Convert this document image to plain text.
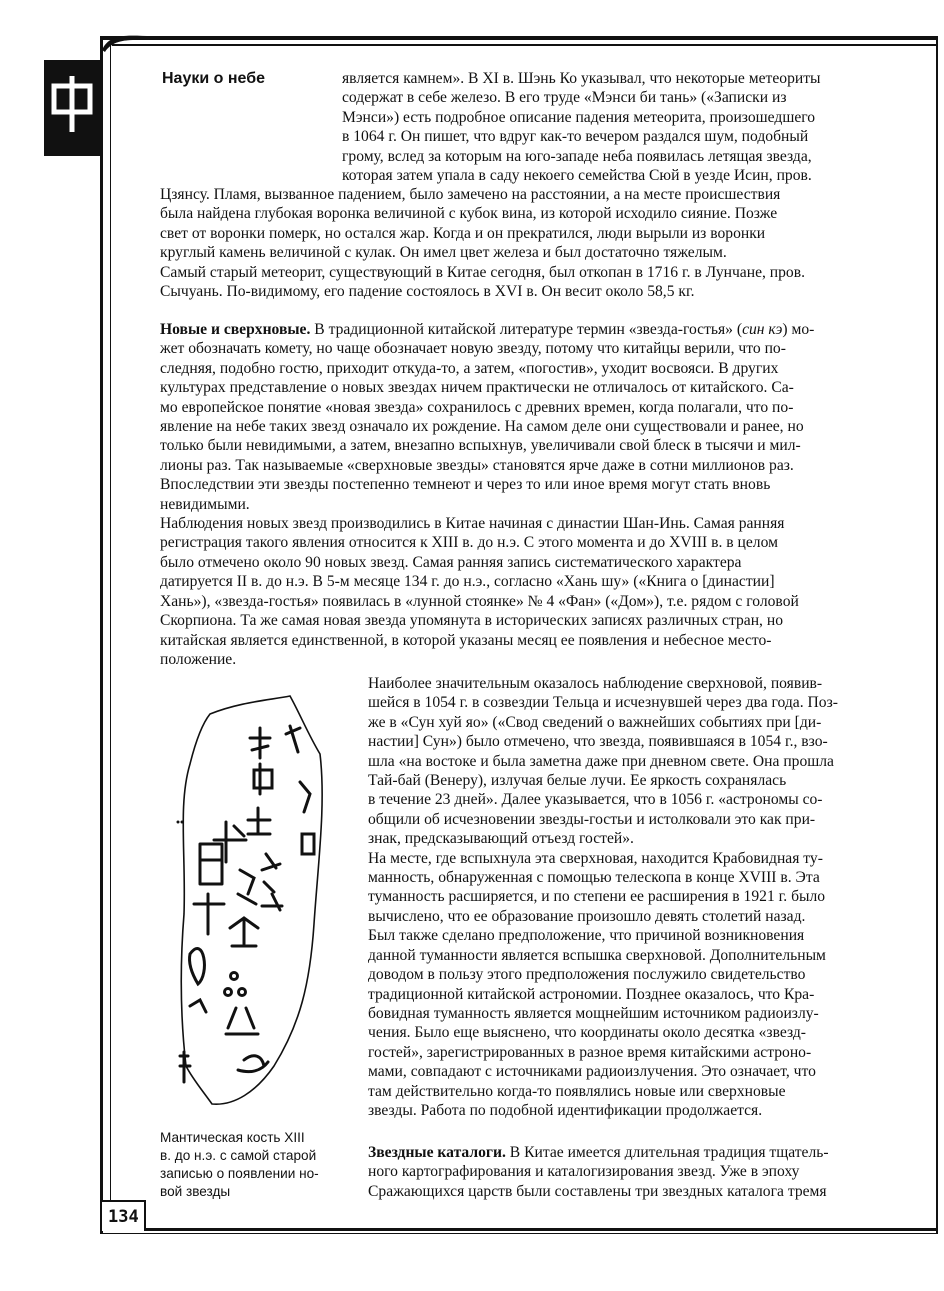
Науки о небе	является камнем». В XI в. Шэнь Ко указывал, что некоторые метеориты
содержат в себе железо. В его труде «Мэнси би тань» («Записки из
Мэнси») есть подробное описание падения метеорита, произошедшего
в 1064 г. Он пишет, что вдруг как-то вечером раздался шум, подобный
грому, вслед за которым на юго-западе неба появилась летящая звезда,
которая затем упала в саду некоего семейства Сюй в уезде Исин, пров.
Цзянсу. Пламя, вызванное падением, было замечено на расстоянии, а на месте происшествия
была найдена глубокая воронка величиной с кубок вина, из которой исходило сияние. Позже
свет от воронки померк, но остался жар. Когда и он прекратился, люди вырыли из воронки
круглый камень величиной с кулак. Он имел цвет железа и был достаточно тяжелым.
Самый старый метеорит, существующий в Китае сегодня, был откопан в 1716 г. в Лунчане, пров.
Сычуань. По-видимому, его падение состоялось в XVI в. Он весит около 58,5 кг.
Новые и сверхновые. В традиционной китайской литературе термин «звезда-гостья» (син кэ) мо-
жет обозначать комету, но чаще обозначает новую звезду, потому что китайцы верили, что по-
следняя, подобно гостю, приходит откуда-то, а затем, «погостив», уходит восвояси. В других
культурах представление о новых звездах ничем практически не отличалось от китайского. Са-
мо европейское понятие «новая звезда» сохранилось с древних времен, когда полагали, что по-
явление на небе таких звезд означало их рождение. На самом деле они существовали и ранее, но
только были невидимыми, а затем, внезапно вспыхнув, увеличивали свой блеск в тысячи и мил-
лионы раз. Так называемые «сверхновые звезды» становятся ярче даже в сотни миллионов раз.
Впоследствии эти звезды постепенно темнеют и через то или иное время могут стать вновь
невидимыми.
Наблюдения новых звезд производились в Китае начиная с династии Шан-Инь. Самая ранняя
регистрация такого явления относится к XIII в. до н.э. С этого момента и до XVIII в. в целом
было отмечено около 90 новых звезд. Самая ранняя запись систематического характера
датируется II в. до н.э. В 5-м месяце 134 г. до н.э., согласно «Хань шу» («Книга о [династии]
Хань»), «звезда-гостья» появилась в «лунной стоянке» № 4 «Фан» («Дом»), т.е. рядом с головой
Скорпиона. Та же самая новая звезда упомянута в исторических записях различных стран, но
китайская является единственной, в которой указаны месяц ее появления и небесное место-
положение.
Наиболее значительным оказалось наблюдение сверхновой, появив-
шейся в 1054 г. в созвездии Тельца и исчезнувшей через два года. Поз-
же в «Сун хуй яо» («Свод сведений о важнейших событиях при [ди-
настии] Сун») было отмечено, что звезда, появившаяся в 1054 г., взо-
шла «на востоке и была заметна даже при дневном свете. Она прошла
Тай-бай (Венеру), излучая белые лучи. Ее яркость сохранялась
в течение 23 дней». Далее указывается, что в 1056 г. «астрономы со-
общили об исчезновении звезды-гостьи и истолковали это как при-
знак, предсказывающий отъезд гостей».
На месте, где вспыхнула эта сверхновая, находится Крабовидная ту-
манность, обнаруженная с помощью телескопа в конце XVIII в. Эта
туманность расширяется, и по степени ее расширения в 1921 г. было
вычислено, что ее образование произошло девять столетий назад.
Был также сделано предположение, что причиной возникновения
данной туманности является вспышка сверхновой. Дополнительным
доводом в пользу этого предположения послужило свидетельство
традиционной китайской астрономии. Позднее оказалось, что Кра-
бовидная туманность является мощнейшим источником радиоизлу-
чения. Было еще выяснено, что координаты около десятка «звезд-
гостей», зарегистрированных в разное время китайскими астроно-
мами, совпадают с источниками радиоизлучения. Это означает, что
там действительно когда-то появлялись новые или сверхновые
звезды. Работа по подобной идентификации продолжается.
Мантическая кость XIII
в. до н.э. с самой старой
записью о появлении но-
вой звезды
Звездные каталоги. В Китае имеется длительная традиция тщатель-
ного картографирования и каталогизирования звезд. Уже в эпоху
Сражающихся царств были составлены три звездных каталога тремя
134
